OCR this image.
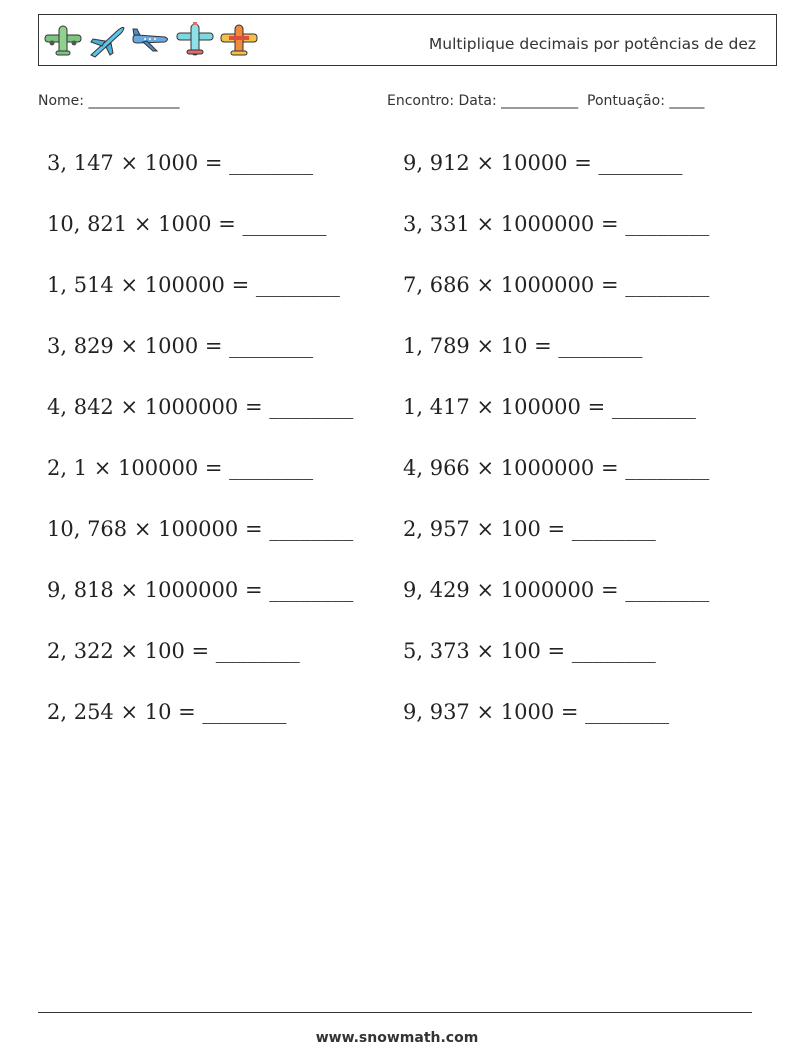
Multiplique decimais por potências de dez
Nome: _____________	Encontro: Data: ___________ Pontuação: _____
3, 147 × 1000 = ________
10, 821 × 1000 = ________
1, 514 × 100000 = ________
3, 829 × 1000 = ________
4, 842 × 1000000 = ________
2, 1 × 100000 = ________
10, 768 × 100000 = ________
9, 818 × 1000000 = ________
2, 322 × 100 = ________
2, 254 × 10 = ________
9, 912 × 10000 = ________
3, 331 × 1000000 = ________
7, 686 × 1000000 = ________
1, 789 × 10 = ________
1, 417 × 100000 = ________
4, 966 × 1000000 = ________
2, 957 × 100 = ________
9, 429 × 1000000 = ________
5, 373 × 100 = ________
9, 937 × 1000 = ________
www.snowmath.com
